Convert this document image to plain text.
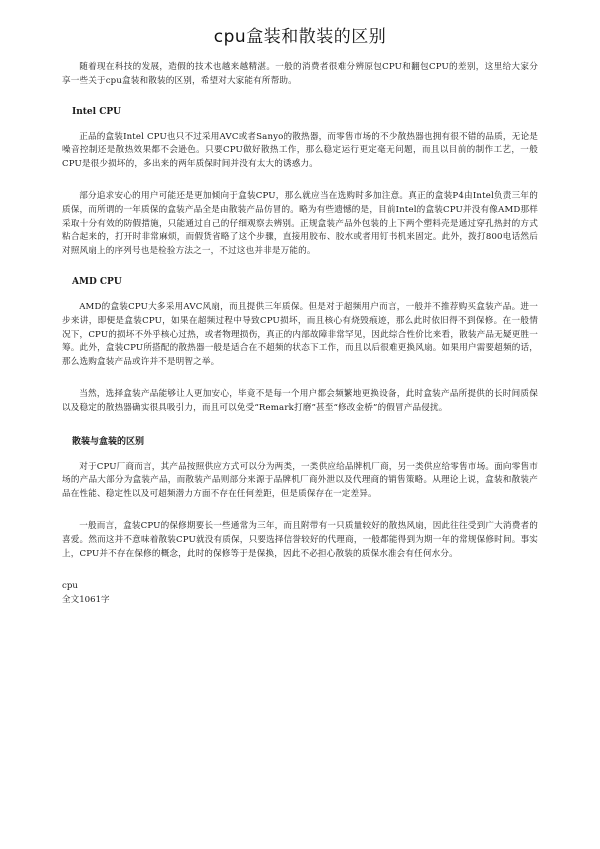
cpu盒装和散装的区别

随着现在科技的发展，造假的技术也越来越精湛。一般的消费者很难分辨原包CPU和翻包CPU的差别，这里给大家分享一些关于cpu盒装和散装的区别，希望对大家能有所帮助。

Intel CPU

正品的盒装Intel CPU也只不过采用AVC或者Sanyo的散热器，而零售市场的不少散热器也拥有很不错的品质，无论是噪音控制还是散热效果都不会逊色。只要CPU做好散热工作，那么稳定运行更定毫无问题，而且以目前的制作工艺，一般CPU是很少损坏的，多出来的两年质保时间并没有太大的诱惑力。

部分追求安心的用户可能还是更加倾向于盒装CPU，那么就应当在选购时多加注意。真正的盒装P4由Intel负责三年的质保，而所谓的一年质保的盒装产品全是由散装产品仿冒的。略为有些遗憾的是，目前Intel的盒装CPU并没有像AMD那样采取十分有效的防假措施，只能通过自己的仔细观察去辨别。正规盒装产品外包装的上下两个塑料壳是通过穿孔热封的方式粘合起来的，打开时非常麻烦，而假货省略了这个步骤，直接用胶布、胶水或者用钉书机来固定。此外，拨打800电话然后对照风扇上的序列号也是检验方法之一，不过这也并非是万能的。

AMD CPU

AMD的盒装CPU大多采用AVC风扇，而且提供三年质保。但是对于超频用户而言，一般并不推荐购买盒装产品。进一步来讲，即便是盒装CPU，如果在超频过程中导致CPU损坏，而且核心有烧毁痕迹，那么此时依旧得不到保修。在一般情况下，CPU的损坏不外乎核心过热，或者物理损伤，真正的内部故障非常罕见，因此综合性价比来看，散装产品无疑更胜一筹。此外，盒装CPU所搭配的散热器一般是适合在不超频的状态下工作，而且以后很难更换风扇。如果用户需要超频的话，那么选购盒装产品或许并不是明智之举。

当然，选择盒装产品能够让人更加安心，毕竟不是每一个用户都会频繁地更换设备，此时盒装产品所提供的长时间质保以及稳定的散热器确实很具吸引力，而且可以免受“Remark打磨”甚至“修改金桥”的假冒产品侵扰。

散装与盒装的区别

对于CPU厂商而言，其产品按照供应方式可以分为两类，一类供应给品牌机厂商，另一类供应给零售市场。面向零售市场的产品大部分为盒装产品，而散装产品则部分来源于品牌机厂商外泄以及代理商的销售策略。从理论上说，盒装和散装产品在性能、稳定性以及可超频潜力方面不存在任何差距，但是质保存在一定差异。

一般而言，盒装CPU的保修期要长一些通常为三年，而且附带有一只质量较好的散热风扇，因此往往受到广大消费者的喜爱。然而这并不意味着散装CPU就没有质保，只要选择信誉较好的代理商，一般都能得到为期一年的常规保修时间。事实上，CPU并不存在保修的概念，此时的保修等于是保换，因此不必担心散装的质保水准会有任何水分。

cpu
全文1061字
